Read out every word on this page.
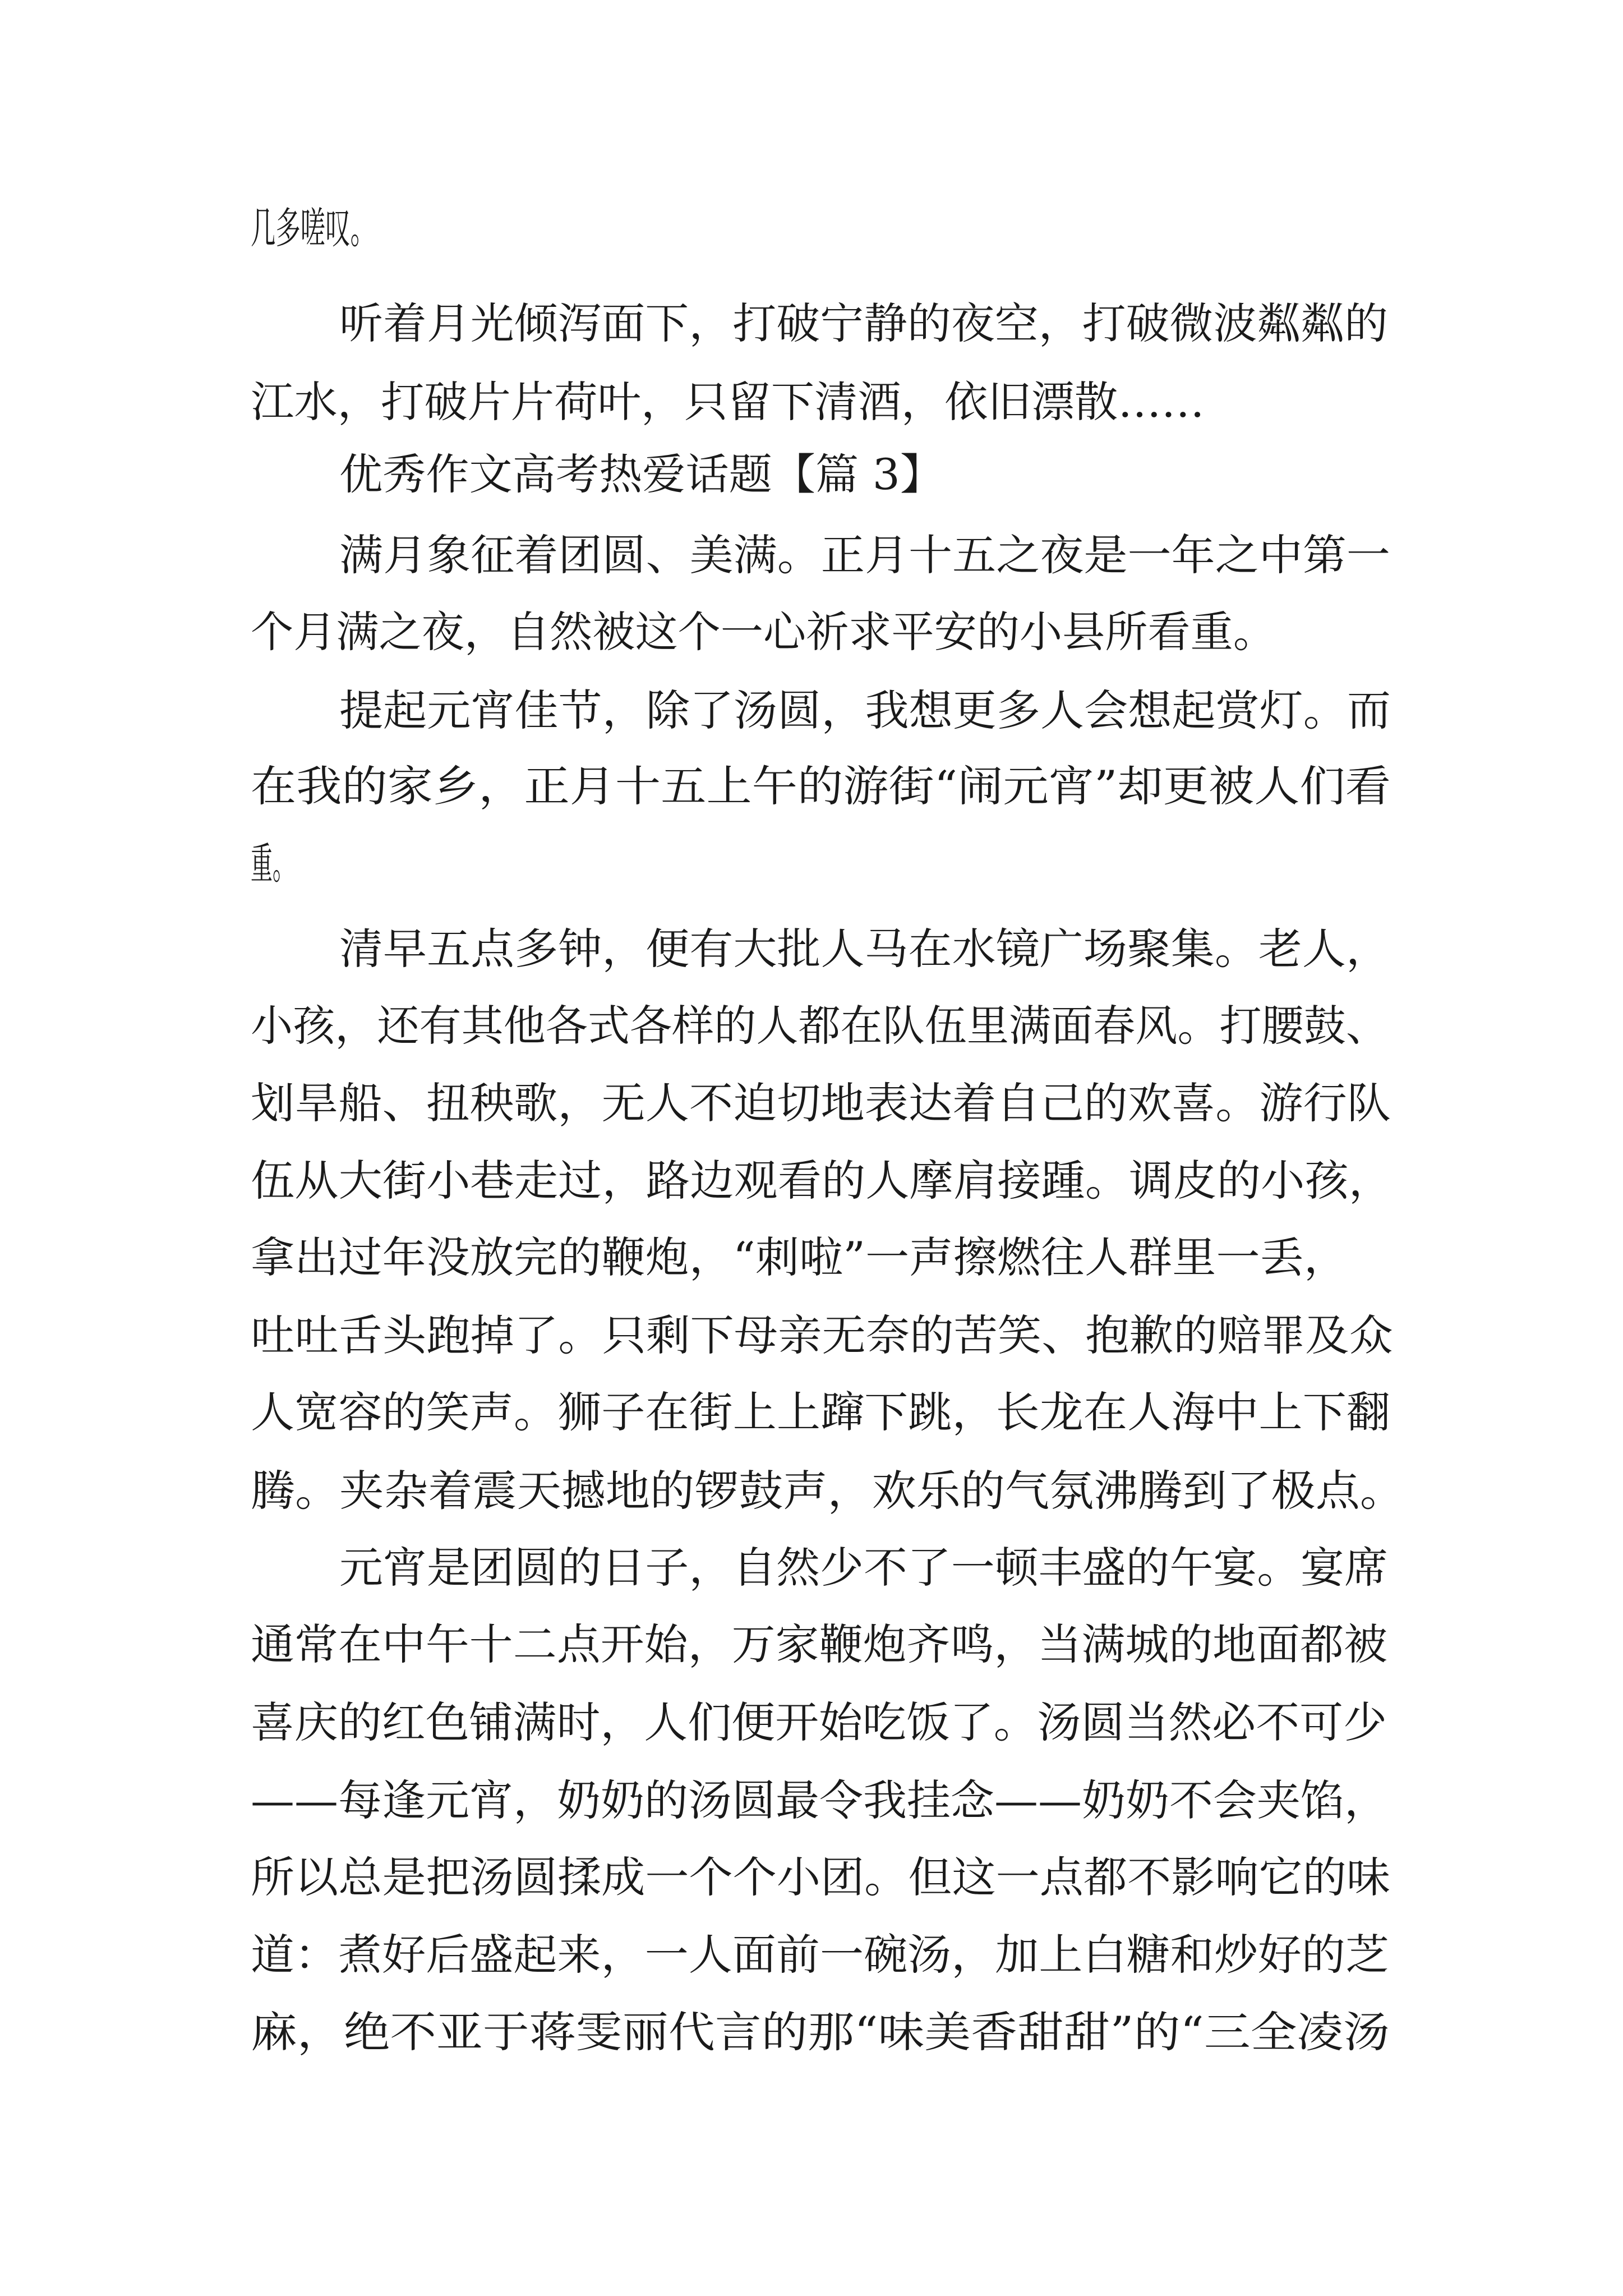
几多嗟叹。
听着月光倾泻面下，打破宁静的夜空，打破微波粼粼的
江水，打破片片荷叶，只留下清酒，依旧漂散……
优秀作文高考热爱话题【篇 3】
满月象征着团圆、美满。正月十五之夜是一年之中第一
个月满之夜，自然被这个一心祈求平安的小县所看重。
提起元宵佳节，除了汤圆，我想更多人会想起赏灯。而
在我的家乡，正月十五上午的游街“闹元宵”却更被人们看
重。
清早五点多钟，便有大批人马在水镜广场聚集。老人，
小孩，还有其他各式各样的人都在队伍里满面春风。打腰鼓、
划旱船、扭秧歌，无人不迫切地表达着自己的欢喜。游行队
伍从大街小巷走过，路边观看的人摩肩接踵。调皮的小孩，
拿出过年没放完的鞭炮，“刺啦”一声擦燃往人群里一丢，
吐吐舌头跑掉了。只剩下母亲无奈的苦笑、抱歉的赔罪及众
人宽容的笑声。狮子在街上上蹿下跳，长龙在人海中上下翻
腾。夹杂着震天撼地的锣鼓声，欢乐的气氛沸腾到了极点。
元宵是团圆的日子，自然少不了一顿丰盛的午宴。宴席
通常在中午十二点开始，万家鞭炮齐鸣，当满城的地面都被
喜庆的红色铺满时，人们便开始吃饭了。汤圆当然必不可少
——每逢元宵，奶奶的汤圆最令我挂念——奶奶不会夹馅，
所以总是把汤圆揉成一个个小团。但这一点都不影响它的味
道：煮好后盛起来，一人面前一碗汤，加上白糖和炒好的芝
麻，绝不亚于蒋雯丽代言的那“味美香甜甜”的“三全凌汤
